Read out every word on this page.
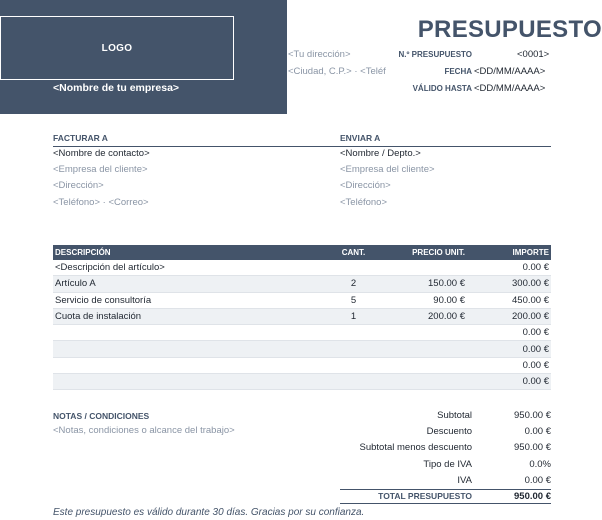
LOGO
<Nombre de tu empresa>
PRESUPUESTO
<Tu dirección>
<Ciudad, C.P.> · <Teléf
N.º PRESUPUESTO	<0001>
FECHA <DD/MM/AAAA>
VÁLIDO HASTA <DD/MM/AAAA>
FACTURAR A
<Nombre de contacto>
<Empresa del cliente>
<Dirección>
<Teléfono> · <Correo>
ENVIAR A
<Nombre / Depto.>
<Empresa del cliente>
<Dirección>
<Teléfono>
DESCRIPCIÓN	CANT.	PRECIO UNIT.	IMPORTE
<Descripción del artículo>			0.00 €
Artículo A	2	150.00 €	300.00 €
Servicio de consultoría	5	90.00 €	450.00 €
Cuota de instalación	1	200.00 €	200.00 €
			0.00 €
			0.00 €
			0.00 €
			0.00 €
NOTAS / CONDICIONES
<Notas, condiciones o alcance del trabajo>
Subtotal	950.00 €
Descuento	0.00 €
Subtotal menos descuento	950.00 €
Tipo de IVA	0.0%
IVA	0.00 €
TOTAL PRESUPUESTO	950.00 €
Este presupuesto es válido durante 30 días. Gracias por su confianza.
